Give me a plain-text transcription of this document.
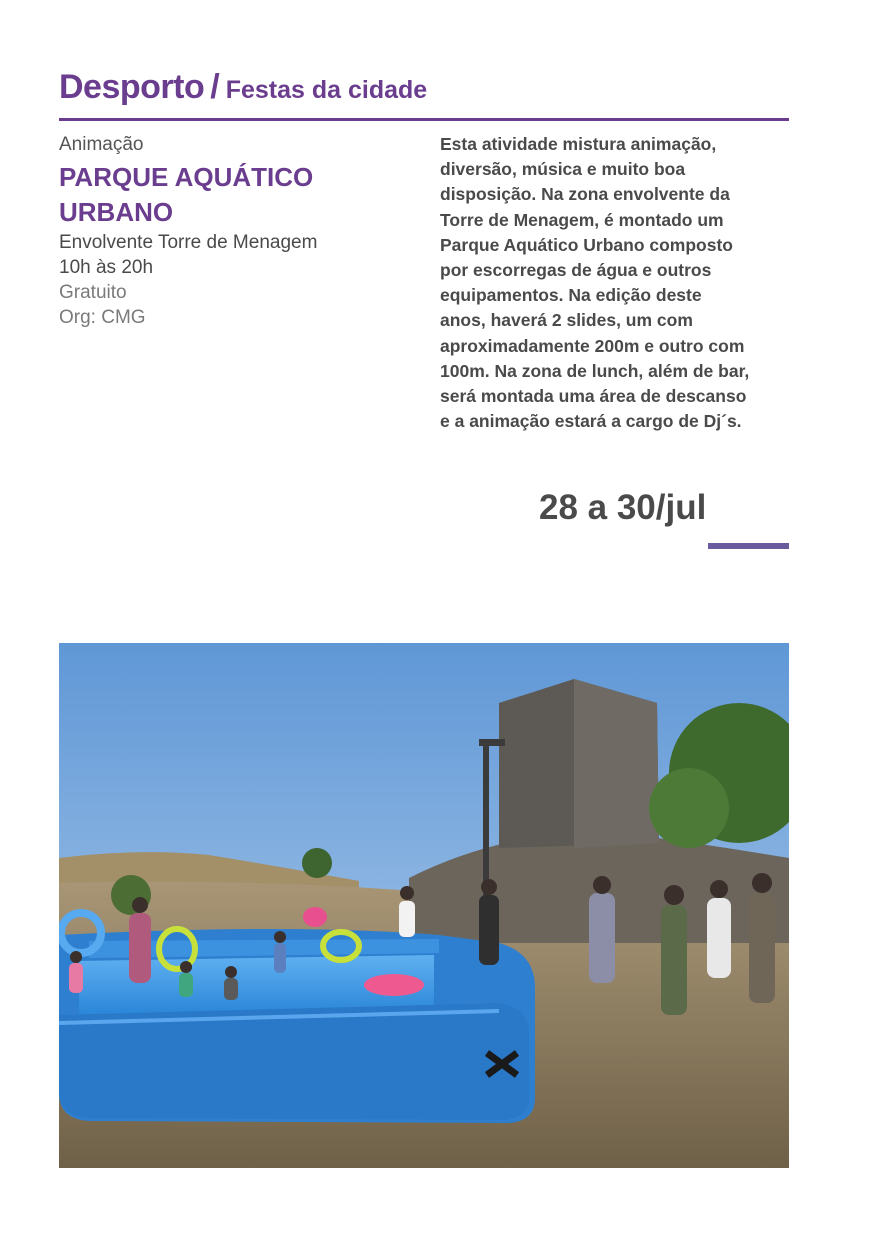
Desporto / Festas da cidade
Animação
PARQUE AQUÁTICO
URBANO
Envolvente Torre de Menagem
10h às 20h
Gratuito
Org: CMG
Esta atividade mistura animação,
diversão, música e muito boa
disposição. Na zona envolvente da
Torre de Menagem, é montado um
Parque Aquático Urbano composto
por escorregas de água e outros
equipamentos. Na edição deste
anos, haverá 2 slides, um com
aproximadamente 200m e outro com
100m. Na zona de lunch, além de bar,
será montada uma área de descanso
e a animação estará a cargo de Dj´s.
28 a 30/jul
